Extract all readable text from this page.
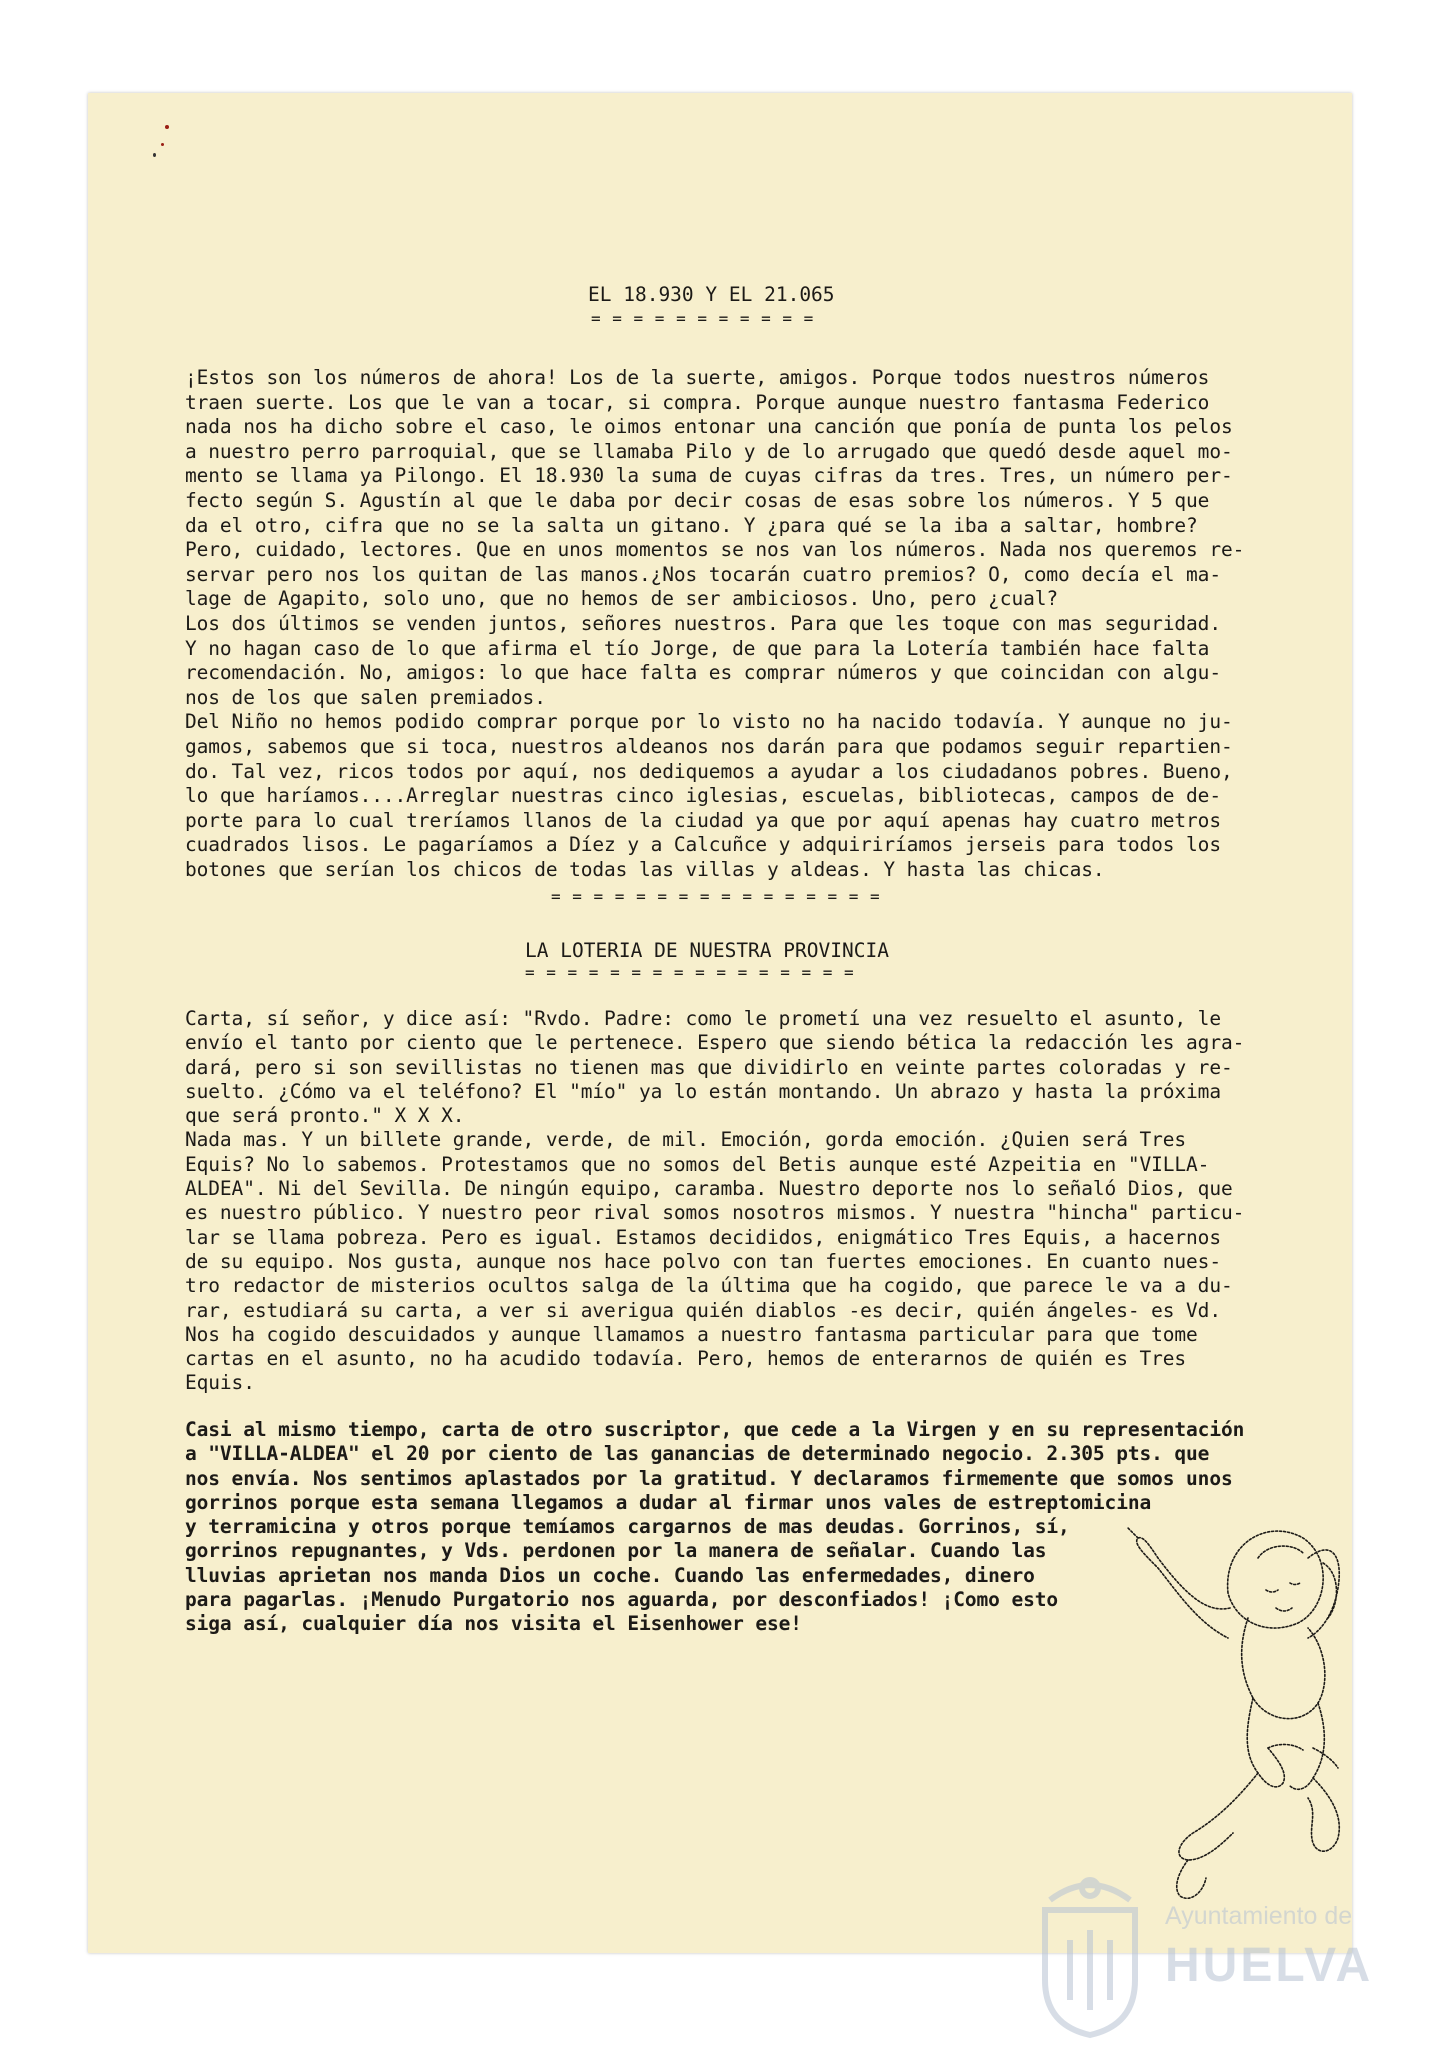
EL 18.930 Y EL 21.065
= = = = = = = = = = =
¡Estos son los números de ahora! Los de la suerte, amigos. Porque todos nuestros números
traen suerte. Los que le van a tocar, si compra. Porque aunque nuestro fantasma Federico
nada nos ha dicho sobre el caso, le oimos entonar una canción que ponía de punta los pelos
a nuestro perro parroquial, que se llamaba Pilo y de lo arrugado que quedó desde aquel mo-
mento se llama ya Pilongo. El 18.930 la suma de cuyas cifras da tres. Tres, un número per-
fecto según S. Agustín al que le daba por decir cosas de esas sobre los números. Y 5 que
da el otro, cifra que no se la salta un gitano. Y ¿para qué se la iba a saltar, hombre?
Pero, cuidado, lectores. Que en unos momentos se nos van los números. Nada nos queremos re-
servar pero nos los quitan de las manos.¿Nos tocarán cuatro premios? O, como decía el ma-
lage de Agapito, solo uno, que no hemos de ser ambiciosos. Uno, pero ¿cual?
Los dos últimos se venden juntos, señores nuestros. Para que les toque con mas seguridad.
Y no hagan caso de lo que afirma el tío Jorge, de que para la Lotería también hace falta
recomendación. No, amigos: lo que hace falta es comprar números y que coincidan con algu-
nos de los que salen premiados.
Del Niño no hemos podido comprar porque por lo visto no ha nacido todavía. Y aunque no ju-
gamos, sabemos que si toca, nuestros aldeanos nos darán para que podamos seguir repartien-
do. Tal vez, ricos todos por aquí, nos dediquemos a ayudar a los ciudadanos pobres. Bueno,
lo que haríamos....Arreglar nuestras cinco iglesias, escuelas, bibliotecas, campos de de-
porte para lo cual treríamos llanos de la ciudad ya que por aquí apenas hay cuatro metros
cuadrados lisos. Le pagaríamos a Díez y a Calcuñce y adquiriríamos jerseis para todos los
botones que serían los chicos de todas las villas y aldeas. Y hasta las chicas.
= = = = = = = = = = = = = = = =
LA LOTERIA DE NUESTRA PROVINCIA
= = = = = = = = = = = = = = = =
Carta, sí señor, y dice así: "Rvdo. Padre: como le prometí una vez resuelto el asunto, le
envío el tanto por ciento que le pertenece. Espero que siendo bética la redacción les agra-
dará, pero si son sevillistas no tienen mas que dividirlo en veinte partes coloradas y re-
suelto. ¿Cómo va el teléfono? El "mío" ya lo están montando. Un abrazo y hasta la próxima
que será pronto." X X X.
Nada mas. Y un billete grande, verde, de mil. Emoción, gorda emoción. ¿Quien será Tres
Equis? No lo sabemos. Protestamos que no somos del Betis aunque esté Azpeitia en "VILLA-
ALDEA". Ni del Sevilla. De ningún equipo, caramba. Nuestro deporte nos lo señaló Dios, que
es nuestro público. Y nuestro peor rival somos nosotros mismos. Y nuestra "hincha" particu-
lar se llama pobreza. Pero es igual. Estamos decididos, enigmático Tres Equis, a hacernos
de su equipo. Nos gusta, aunque nos hace polvo con tan fuertes emociones. En cuanto nues-
tro redactor de misterios ocultos salga de la última que ha cogido, que parece le va a du-
rar, estudiará su carta, a ver si averigua quién diablos -es decir, quién ángeles- es Vd.
Nos ha cogido descuidados y aunque llamamos a nuestro fantasma particular para que tome
cartas en el asunto, no ha acudido todavía. Pero, hemos de enterarnos de quién es Tres
Equis.
Casi al mismo tiempo, carta de otro suscriptor, que cede a la Virgen y en su representación
a "VILLA-ALDEA" el 20 por ciento de las ganancias de determinado negocio. 2.305 pts. que
nos envía. Nos sentimos aplastados por la gratitud. Y declaramos firmemente que somos unos
gorrinos porque esta semana llegamos a dudar al firmar unos vales de estreptomicina
y terramicina y otros porque temíamos cargarnos de mas deudas. Gorrinos, sí,
gorrinos repugnantes, y Vds. perdonen por la manera de señalar. Cuando las
lluvias aprietan nos manda Dios un coche. Cuando las enfermedades, dinero
para pagarlas. ¡Menudo Purgatorio nos aguarda, por desconfiados! ¡Como esto
siga así, cualquier día nos visita el Eisenhower ese!
Ayuntamiento de
HUELVA
